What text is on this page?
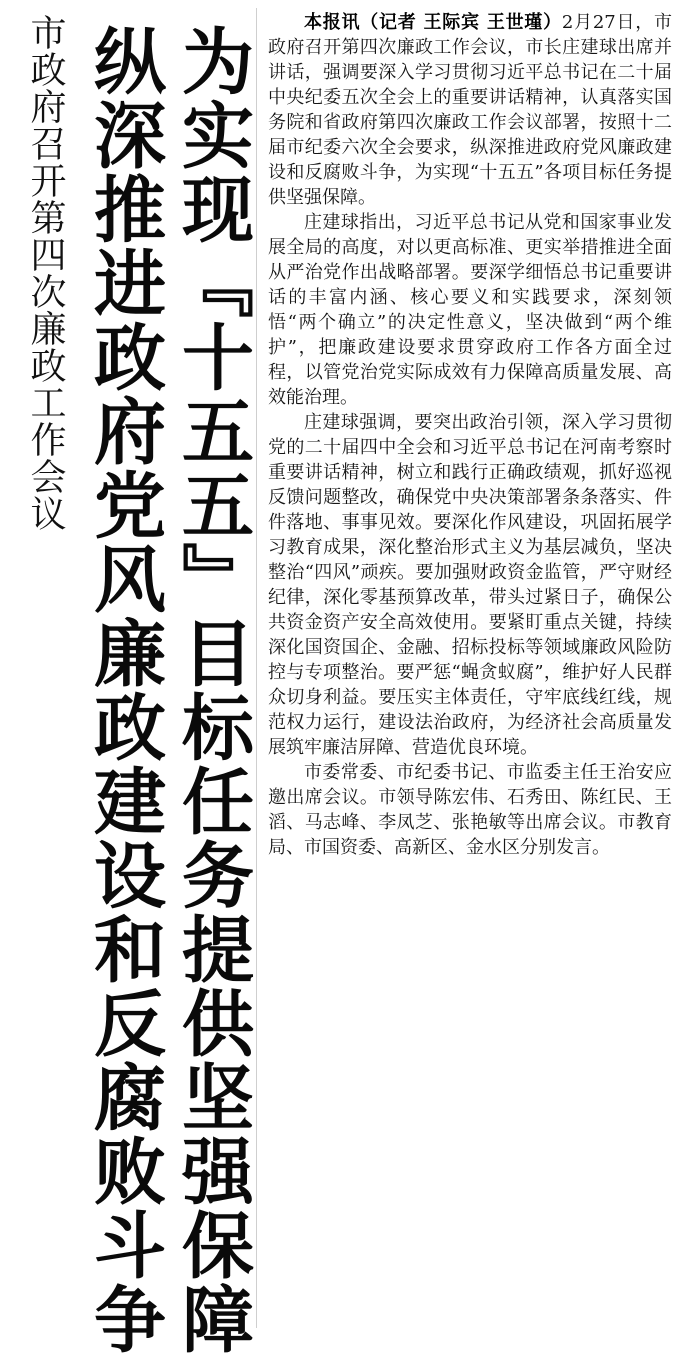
市政府召开第四次廉政工作会议 纵深推进政府党风廉政建设和反腐败斗争 为实现『十五五』目标任务提供坚强保障

本报讯（记者 王际宾 王世瑾）2月27日，市政府召开第四次廉政工作会议，市长庄建球出席并讲话，强调要深入学习贯彻习近平总书记在二十届中央纪委五次全会上的重要讲话精神，认真落实国务院和省政府第四次廉政工作会议部署，按照十二届市纪委六次全会要求，纵深推进政府党风廉政建设和反腐败斗争，为实现“十五五”各项目标任务提供坚强保障。

庄建球指出，习近平总书记从党和国家事业发展全局的高度，对以更高标准、更实举措推进全面从严治党作出战略部署。要深学细悟总书记重要讲话的丰富内涵、核心要义和实践要求，深刻领悟“两个确立”的决定性意义，坚决做到“两个维护”，把廉政建设要求贯穿政府工作各方面全过程，以管党治党实际成效有力保障高质量发展、高效能治理。

庄建球强调，要突出政治引领，深入学习贯彻党的二十届四中全会和习近平总书记在河南考察时重要讲话精神，树立和践行正确政绩观，抓好巡视反馈问题整改，确保党中央决策部署条条落实、件件落地、事事见效。要深化作风建设，巩固拓展学习教育成果，深化整治形式主义为基层减负，坚决整治“四风”顽疾。要加强财政资金监管，严守财经纪律，深化零基预算改革，带头过紧日子，确保公共资金资产安全高效使用。要紧盯重点关键，持续深化国资国企、金融、招标投标等领域廉政风险防控与专项整治。要严惩“蝇贪蚁腐”，维护好人民群众切身利益。要压实主体责任，守牢底线红线，规范权力运行，建设法治政府，为经济社会高质量发展筑牢廉洁屏障、营造优良环境。

市委常委、市纪委书记、市监委主任王治安应邀出席会议。市领导陈宏伟、石秀田、陈红民、王滔、马志峰、李凤芝、张艳敏等出席会议。市教育局、市国资委、高新区、金水区分别发言。
